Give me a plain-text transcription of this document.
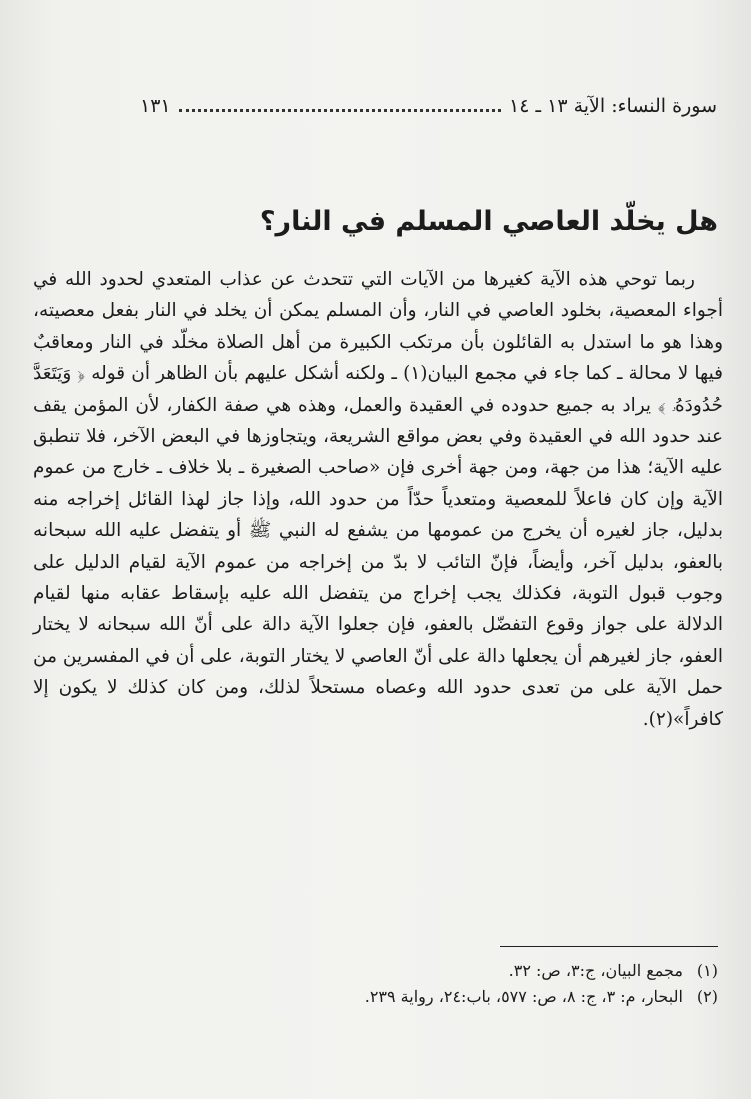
سورة النساء: الآية ١٣ ـ ١٤
١٣١
هل يخلّد العاصي المسلم في النار؟

ربما توحي هذه الآية كغيرها من الآيات التي تتحدث عن عذاب المتعدي لحدود الله في أجواء المعصية، بخلود العاصي في النار، وأن المسلم يمكن أن يخلد في النار بفعل معصيته، وهذا هو ما استدل به القائلون بأن مرتكب الكبيرة من أهل الصلاة مخلّد في النار ومعاقبٌ فيها لا محالة ـ كما جاء في مجمع البيان(١) ـ ولكنه أشكل عليهم بأن الظاهر أن قوله ﴿ وَيَتَعَدَّ حُدُودَهُۥ ﴾ يراد به جميع حدوده في العقيدة والعمل، وهذه هي صفة الكفار، لأن المؤمن يقف عند حدود الله في العقيدة وفي بعض مواقع الشريعة، ويتجاوزها في البعض الآخر، فلا تنطبق عليه الآية؛ هذا من جهة، ومن جهة أخرى فإن «صاحب الصغيرة ـ بلا خلاف ـ خارج من عموم الآية وإن كان فاعلاً للمعصية ومتعدياً حدّاً من حدود الله، وإذا جاز لهذا القائل إخراجه منه بدليل، جاز لغيره أن يخرج من عمومها من يشفع له النبي ﷺ أو يتفضل عليه الله سبحانه بالعفو، بدليل آخر، وأيضاً، فإنّ التائب لا بدّ من إخراجه من عموم الآية لقيام الدليل على وجوب قبول التوبة، فكذلك يجب إخراج من يتفضل الله عليه بإسقاط عقابه منها لقيام الدلالة على جواز وقوع التفضّل بالعفو، فإن جعلوا الآية دالة على أنّ الله سبحانه لا يختار العفو، جاز لغيرهم أن يجعلها دالة على أنّ العاصي لا يختار التوبة، على أن في المفسرين من حمل الآية على من تعدى حدود الله وعصاه مستحلاً لذلك، ومن كان كذلك لا يكون إلا كافراً»(٢).

(١)
مجمع البيان، ج:٣، ص: ٣٢.
(٢)
البحار، م: ٣، ج: ٨، ص: ٥٧٧، باب:٢٤، رواية ٢٣٩.
